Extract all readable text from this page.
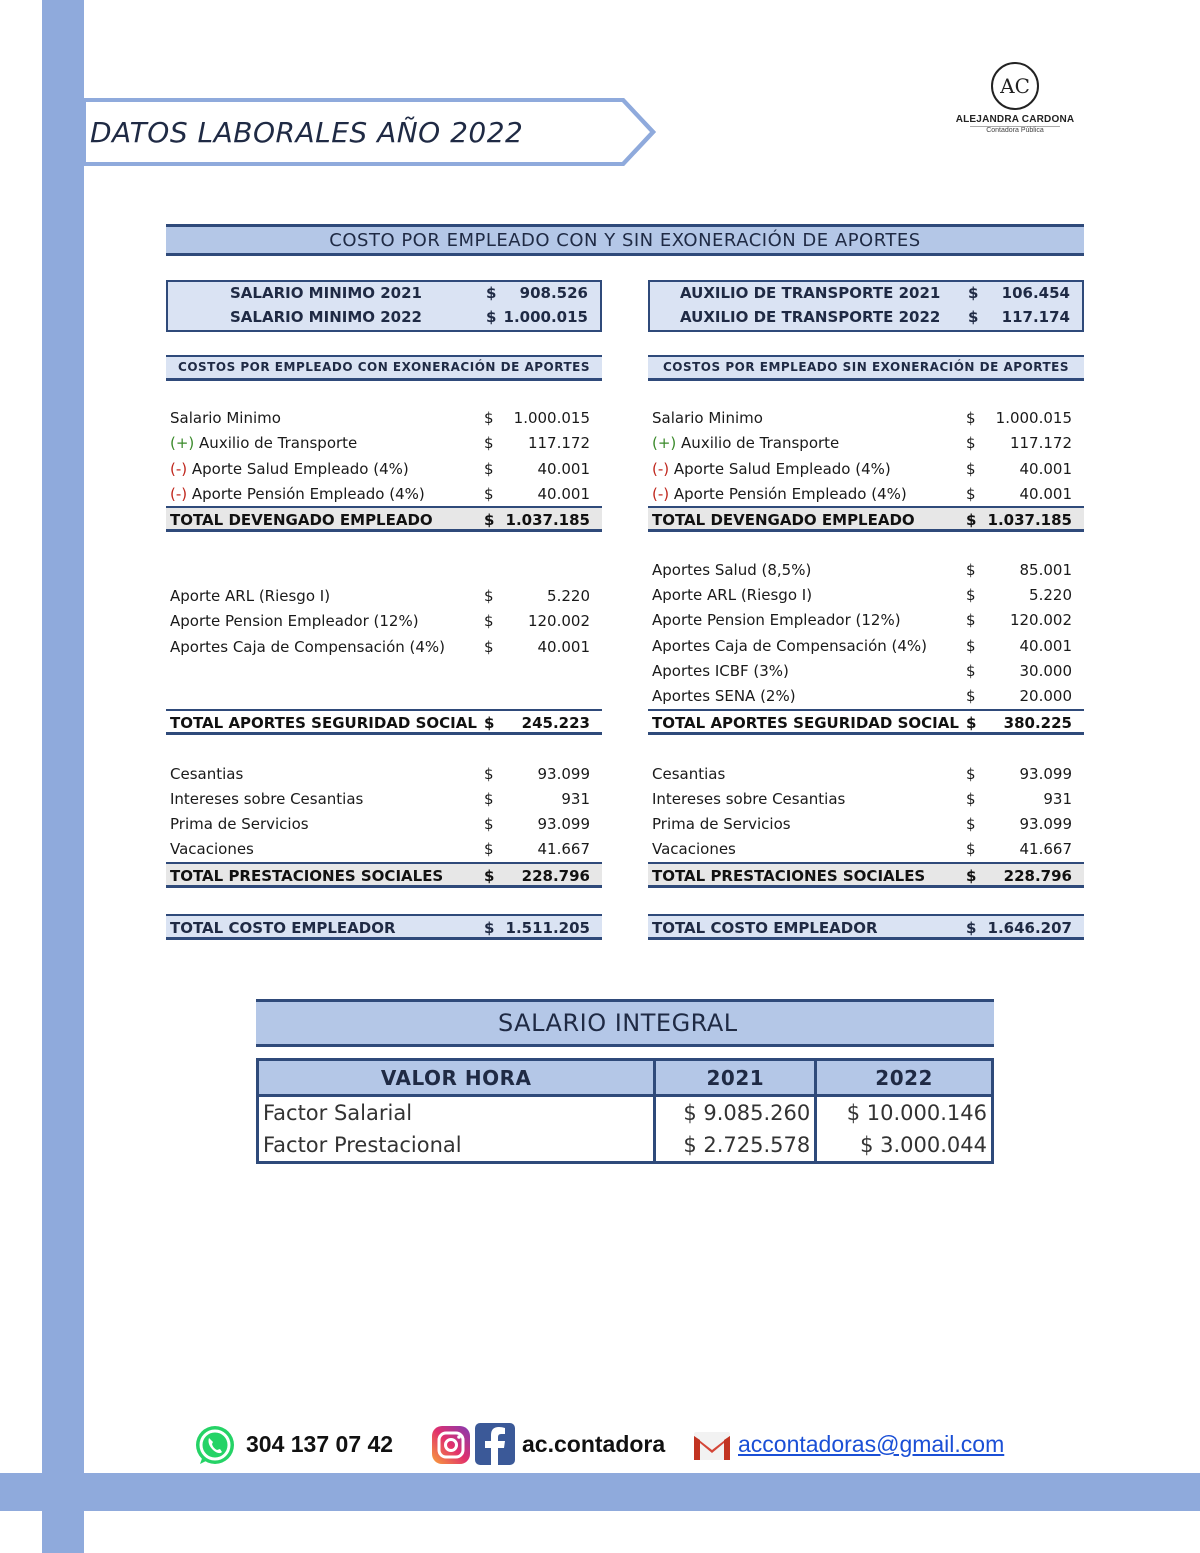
DATOS LABORALES AÑO 2022
AC
ALEJANDRA CARDONA
Contadora Pública
COSTO POR EMPLEADO CON Y SIN EXONERACIÓN DE APORTES
SALARIO MINIMO 2021	$ 908.526
SALARIO MINIMO 2022	$ 1.000.015
AUXILIO DE TRANSPORTE 2021 $ 106.454
AUXILIO DE TRANSPORTE 2022 $ 117.174
COSTOS POR EMPLEADO CON EXONERACIÓN DE APORTES
Salario Minimo	$ 1.000.015
(+) Auxilio de Transporte	$ 117.172
(-) Aporte Salud Empleado (4%)	$	40.001
(-) Aporte Pensión Empleado (4%)	$	40.001
TOTAL DEVENGADO EMPLEADO	$ 1.037.185
Aporte ARL (Riesgo I)	$	5.220
Aporte Pension Empleador (12%)	$ 120.002
Aportes Caja de Compensación (4%)	$	40.001
TOTAL APORTES SEGURIDAD SOCIAL $ 245.223
Cesantias	$	93.099
Intereses sobre Cesantias	$	931
Prima de Servicios	$	93.099
Vacaciones	$	41.667
TOTAL PRESTACIONES SOCIALES	$ 228.796
TOTAL COSTO EMPLEADOR	$ 1.511.205
COSTOS POR EMPLEADO SIN EXONERACIÓN DE APORTES
Salario Minimo	$ 1.000.015
(+) Auxilio de Transporte	$ 117.172
(-) Aporte Salud Empleado (4%)	$	40.001
(-) Aporte Pensión Empleado (4%)	$	40.001
TOTAL DEVENGADO EMPLEADO	$ 1.037.185
Aportes Salud (8,5%)	$	85.001
Aporte ARL (Riesgo I)	$	5.220
Aporte Pension Empleador (12%)	$ 120.002
Aportes Caja de Compensación (4%)	$	40.001
Aportes ICBF (3%)	$	30.000
Aportes SENA (2%)	$	20.000
TOTAL APORTES SEGURIDAD SOCIAL $ 380.225
Cesantias	$	93.099
Intereses sobre Cesantias	$	931
Prima de Servicios	$	93.099
Vacaciones	$	41.667
TOTAL PRESTACIONES SOCIALES	$ 228.796
TOTAL COSTO EMPLEADOR	$ 1.646.207
SALARIO INTEGRAL
VALOR HORA	2021	2022
Factor Salarial	$ 9.085.260	$ 10.000.146
Factor Prestacional	$ 2.725.578	$ 3.000.044
304 137 07 42	ac.contadora	accontadoras@gmail.com
